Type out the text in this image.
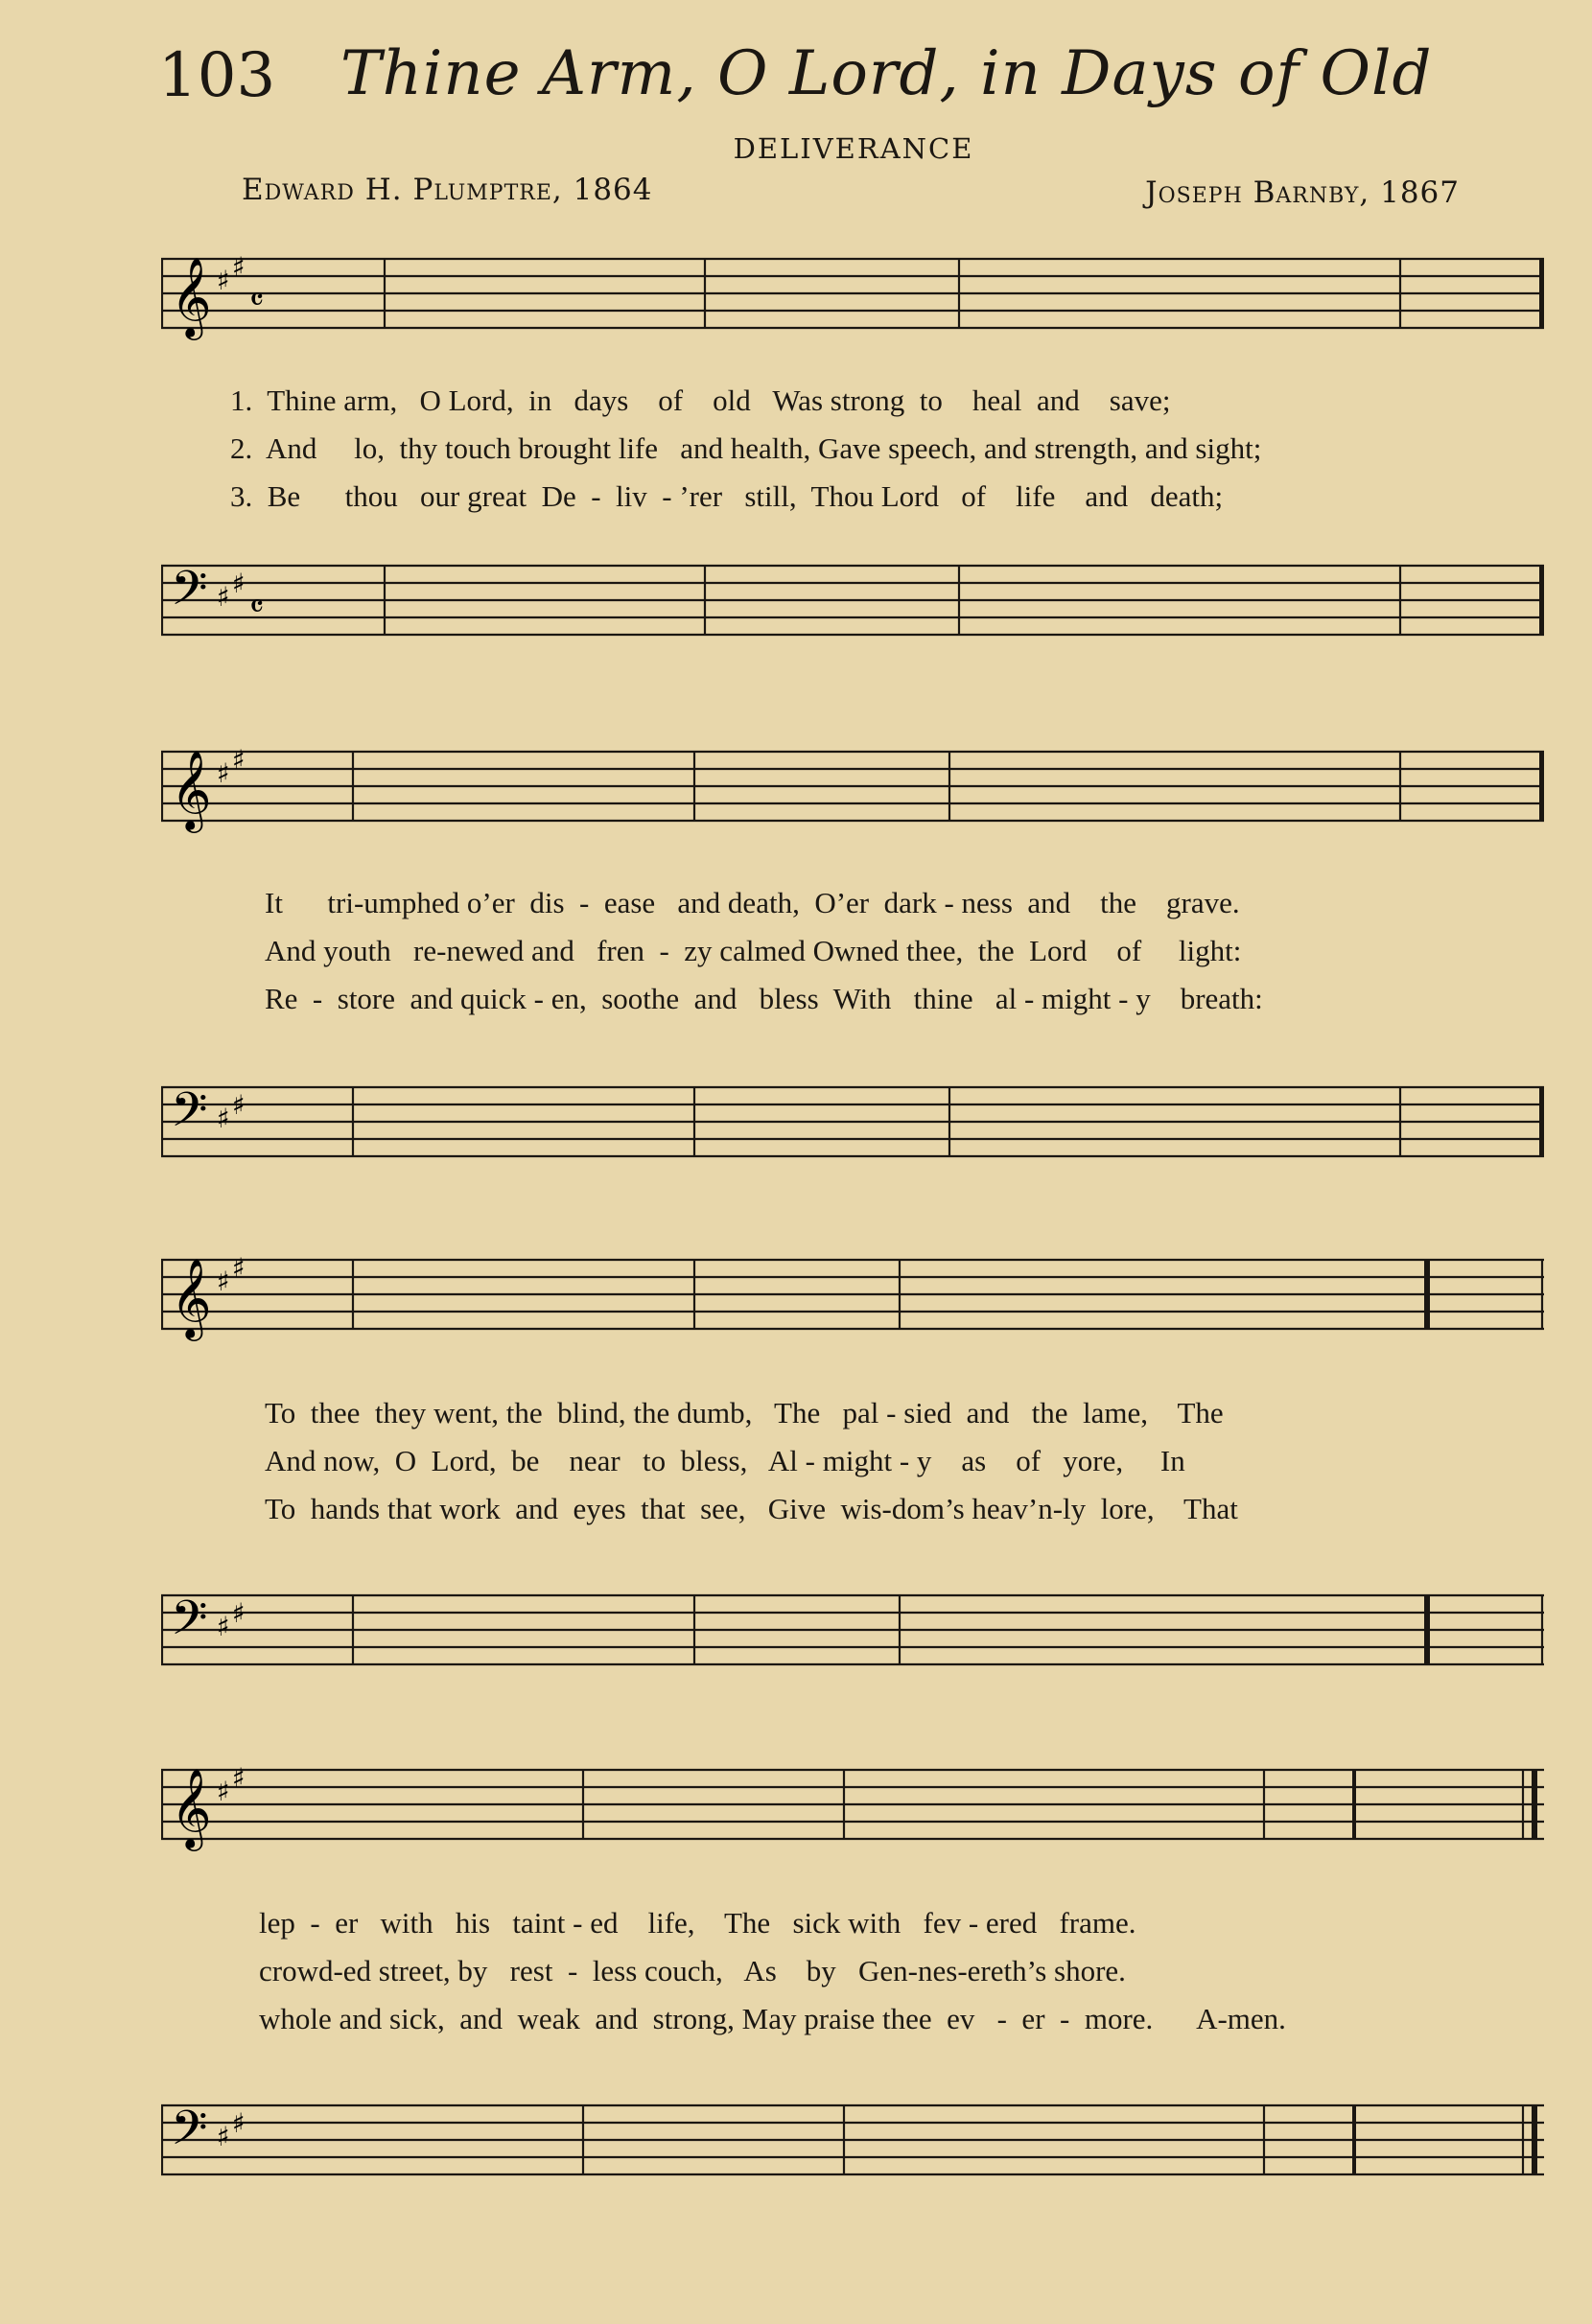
103 Thine Arm, O Lord, in Days of Old
DELIVERANCE
Edward H. Plumptre, 1864	Joseph Barnby, 1867
𝄞 ♯ ♯
𝄴
𝄢 ♯ ♯
𝄴
1.  Thine arm,   O Lord,  in   days    of    old   Was strong  to    heal  and    save;
2.  And     lo,  thy touch brought life   and health, Gave speech, and strength, and sight;
3.  Be      thou   our great  De  -  liv  - ’rer   still,  Thou Lord   of    life    and   death;
𝄞 ♯ ♯
𝄢 ♯ ♯
It      tri-umphed o’er  dis  -  ease   and death,  O’er  dark - ness  and    the    grave.
And youth   re-newed and   fren  -  zy calmed Owned thee,  the  Lord    of     light:
Re  -  store  and quick - en,  soothe  and   bless  With   thine   al - might - y    breath:
𝄞 ♯ ♯
𝄢 ♯ ♯
To  thee  they went, the  blind, the dumb,   The   pal - sied  and   the  lame,    The
And now,  O  Lord,  be    near   to  bless,   Al - might - y    as    of   yore,     In
To  hands that work  and  eyes  that  see,   Give  wis-dom’s heav’n-ly  lore,    That
𝄞 ♯ ♯
𝄢 ♯ ♯
lep  -  er   with   his   taint - ed    life,    The   sick with   fev - ered   frame.
crowd-ed street, by   rest  -  less couch,   As    by   Gen-nes-ereth’s shore.
whole and sick,  and  weak  and  strong, May praise thee  ev   -  er  -  more.      A-men.
